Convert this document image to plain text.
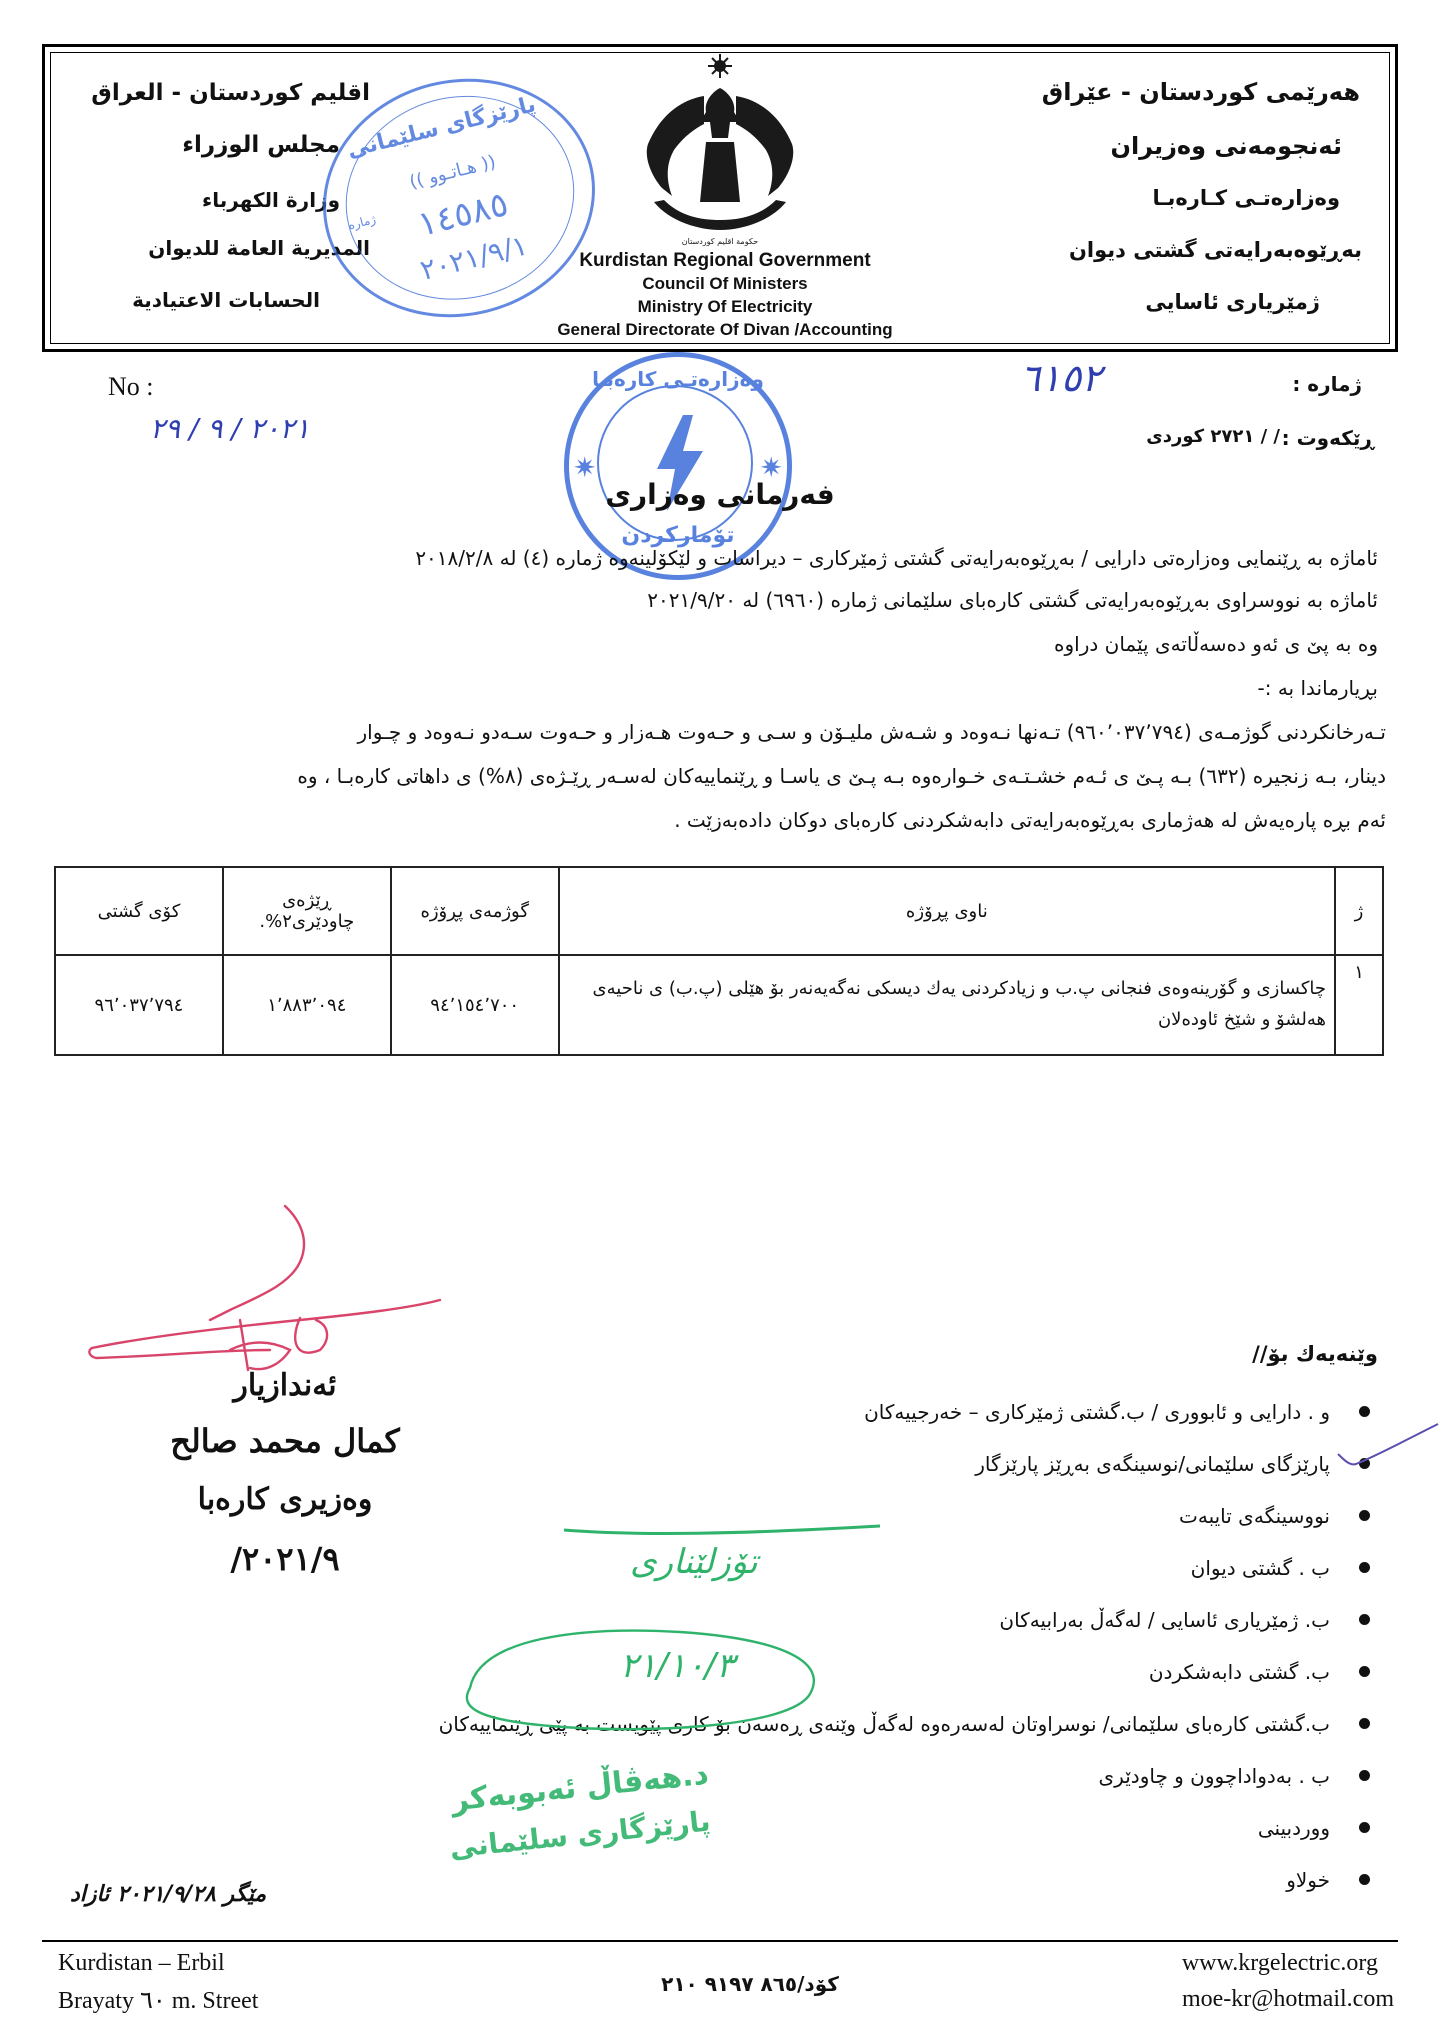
هەرێمی کوردستان - عێراق
ئەنجومەنی وەزیران
وەزارەتـی کـارەبـا
بەڕێوەبەرایەتی گشتی دیوان
ژمێریاری ئاسایی
اقليم كوردستان - العراق
مجلس الوزراء
وزارة الكهرباء
المديرية العامة للديوان
الحسابات الاعتيادية
حكومة اقليم كوردستان
Kurdistan Regional Government
Council Of Ministers
Ministry Of Electricity
General Directorate Of Divan /Accounting
پارێزگای سلێمانی
(( هـاتـوو ))
ژمارە	١٤٥٨٥
٢٠٢١/٩/١
No :
٢٠٢١ / ٩ / ٢٩
ژمارە :
٦١٥٢
ڕێکەوت :
/ / ٢٧٢١ کوردی
وەزارەتـی کارەبـا
✷	✷
تۆمارکردن
فەرمانی وەزاری
ئاماژە بە ڕێنمایی وەزارەتی دارایی / بەڕێوەبەرایەتی گشتی ژمێرکاری – دیراسات و لێکۆلینەوە ژمارە (٤) لە ٢٠١٨/٢/٨
ئاماژە بە نووسراوی بەڕێوەبەرایەتی گشتی کارەبای سلێمانی ژمارە (٦٩٦٠) لە ٢٠٢١/٩/٢٠
وە بە پێ ی ئەو دەسەڵاتەی پێمان دراوە
بڕیارماندا بە :-
تـەرخانکردنی گوژمـەی (٩٦٠٬٠٣٧٬٧٩٤) تـەنها نـەوەد و شـەش ملیـۆن و سـی و حـەوت هـەزار و حـەوت سـەدو نـەوەد و چـوار
دینار، بـە زنجیرە (٦٣٢) بـە پـێ ی ئـەم خشـتـەی خـوارەوە بـە پـێ ی یاسـا و ڕێنماییەکان لەسـەر ڕێـژەی (٨%) ی داهاتی کارەبـا ، وە
ئەم بڕە پارەیەش لە هەژماری بەڕێوەبەرایەتی دابەشکردنی کارەبای دوکان دادەبەزێت .
ژ	ناوی پڕۆژە	گوژمەی پڕۆژە	ڕێژەی چاودێری٢%.	کۆی گشتی
١	چاکسازی و گۆرینەوەی فنجانی پ.ب و زیادکردنی یەك دیسکی نەگەیەنەر بۆ هێلی (پ.ب) ی ناحیەی هەلشۆ و شێخ ئاودەلان	٩٤٬١٥٤٬٧٠٠	١٬٨٨٣٬٠٩٤	٩٦٬٠٣٧٬٧٩٤
ئەندازیار
کمال محمد صالح
وەزیری کارەبا
٢٠٢١/٩/
وێنەیەك بۆ//
و . دارایی و ئابووری / ب.گشتی ژمێرکاری – خەرجییەکان
پارێزگای سلێمانی/نوسینگەی بەڕێز پارێزگار
نووسینگەی تایبەت
ب . گشتی دیوان
ب. ژمێریاری ئاسایی / لەگەڵ بەرابیەکان
ب. گشتی دابەشکردن
ب.گشتی کارەبای سلێمانی/ نوسراوتان لەسەرەوە لەگەڵ وێنەی ڕەسەن بۆ کاری پێویست بە پێی ڕێنماییەکان
ب . بەدواداچوون و چاودێری
ووردبینی
خولاو
تۆزلێناری
٢١/١٠/٣
د.هەڤاڵ ئەبوبەکر
پارێزگاری سلێمانی
مێگر ٢٠٢١/٩/٢٨ ئازاد
Kurdistan – Erbil
Brayaty ٦٠ m. Street
کۆد/٨٦٥ ٩١٩٧ ٢١٠
www.krgelectric.org
moe-kr@hotmail.com
